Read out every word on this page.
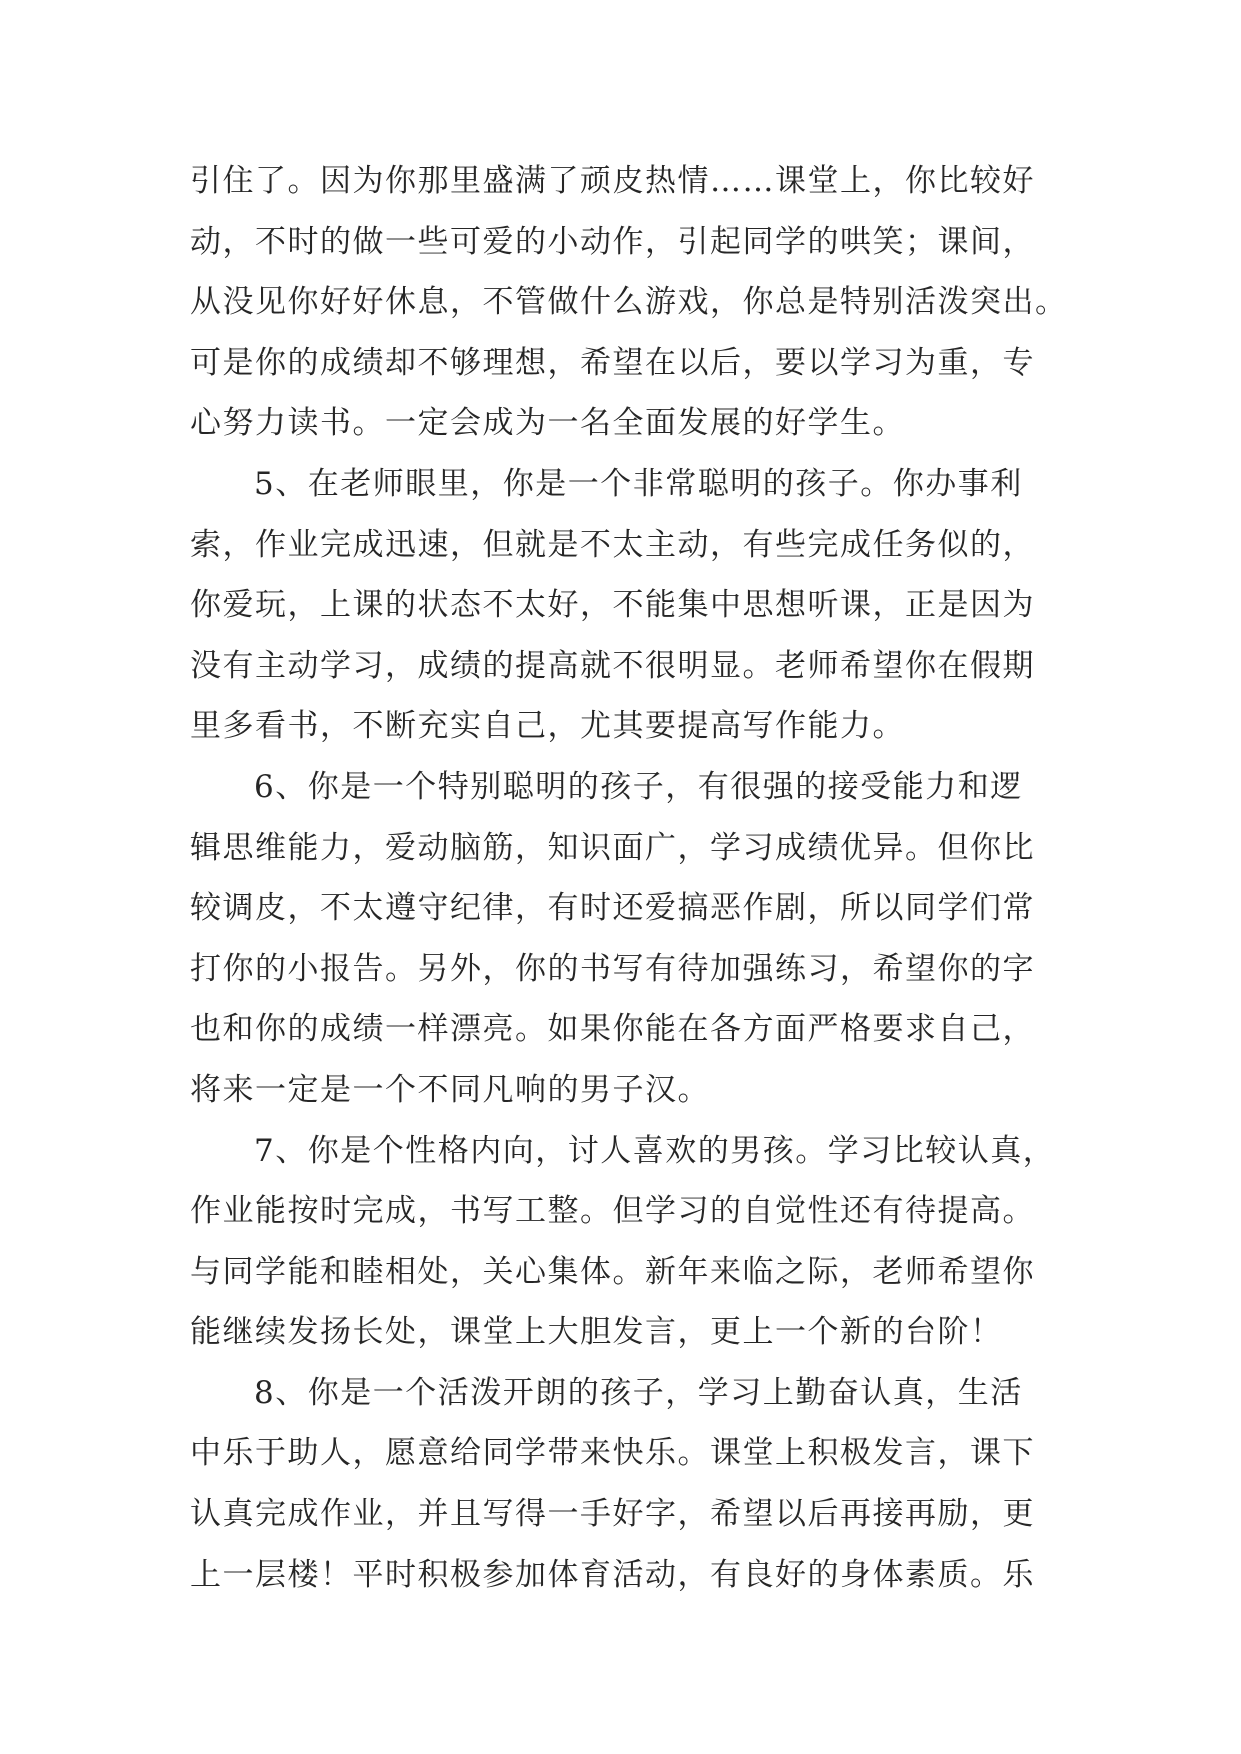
引住了。因为你那里盛满了顽皮热情……课堂上，你比较好
动，不时的做一些可爱的小动作，引起同学的哄笑；课间，
从没见你好好休息，不管做什么游戏，你总是特别活泼突出。
可是你的成绩却不够理想，希望在以后，要以学习为重，专
心努力读书。一定会成为一名全面发展的好学生。
5、在老师眼里，你是一个非常聪明的孩子。你办事利
索，作业完成迅速，但就是不太主动，有些完成任务似的，
你爱玩，上课的状态不太好，不能集中思想听课，正是因为
没有主动学习，成绩的提高就不很明显。老师希望你在假期
里多看书，不断充实自己，尤其要提高写作能力。
6、你是一个特别聪明的孩子，有很强的接受能力和逻
辑思维能力，爱动脑筋，知识面广，学习成绩优异。但你比
较调皮，不太遵守纪律，有时还爱搞恶作剧，所以同学们常
打你的小报告。另外，你的书写有待加强练习，希望你的字
也和你的成绩一样漂亮。如果你能在各方面严格要求自己，
将来一定是一个不同凡响的男子汉。
7、你是个性格内向，讨人喜欢的男孩。学习比较认真，
作业能按时完成，书写工整。但学习的自觉性还有待提高。
与同学能和睦相处，关心集体。新年来临之际，老师希望你
能继续发扬长处，课堂上大胆发言，更上一个新的台阶！
8、你是一个活泼开朗的孩子，学习上勤奋认真，生活
中乐于助人，愿意给同学带来快乐。课堂上积极发言，课下
认真完成作业，并且写得一手好字，希望以后再接再励，更
上一层楼！平时积极参加体育活动，有良好的身体素质。乐
